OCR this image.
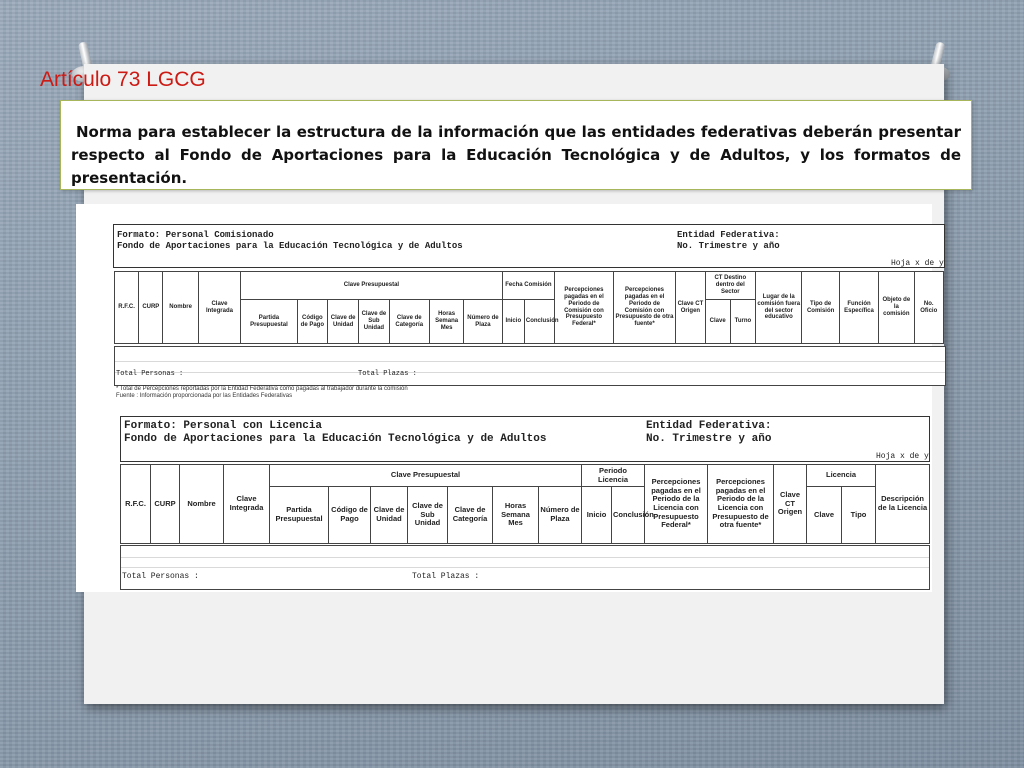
Artículo 73 LGCG

Norma para establecer la estructura de la información que las entidades federativas deberán presentar respecto al Fondo de Aportaciones para la Educación Tecnológica y de Adultos, y los formatos de presentación.

Formato: Personal Comisionado
Fondo de Aportaciones para la Educación Tecnológica y de Adultos
Entidad Federativa:
No. Trimestre y año
Hoja x de y
R.F.C.	CURP	Nombre	Clave Integrada	Clave Presupuestal							Fecha Comisión		Percepciones pagadas en el Periodo de Comisión con Presupuesto Federal*	Percepciones pagadas en el Periodo de Comisión con Presupuesto de otra fuente*	Clave CT Origen	CT Destino dentro del Sector		Lugar de la comisión fuera del sector educativo	Tipo de Comisión	Función Específica	Objeto de la comisión	No. Oficio
				Partida Presupuestal	Código de Pago	Clave de Unidad	Clave de Sub Unidad	Clave de Categoría	Horas Semana Mes	Número de Plaza	Inicio	Conclusión				Clave	Turno					
Total Personas :	Total Plazas :
* Total de Percepciones reportadas por la Entidad Federativa como pagadas al trabajador durante la comisión
Fuente : Información proporcionada por las Entidades Federativas
Formato: Personal con Licencia
Fondo de Aportaciones para la Educación Tecnológica y de Adultos
Entidad Federativa:
No. Trimestre y año
Hoja x de y
R.F.C.	CURP	Nombre	Clave Integrada	Clave Presupuestal							Periodo Licencia		Percepciones pagadas en el Periodo de la Licencia con Presupuesto Federal*	Percepciones pagadas en el Periodo de la Licencia con Presupuesto de otra fuente*	Clave CT Origen	Licencia		Descripción de la Licencia
				Partida Presupuestal	Código de Pago	Clave de Unidad	Clave de Sub Unidad	Clave de Categoría	Horas Semana Mes	Número de Plaza	Inicio	Conclusión				Clave	Tipo	
Total Personas :	Total Plazas :
